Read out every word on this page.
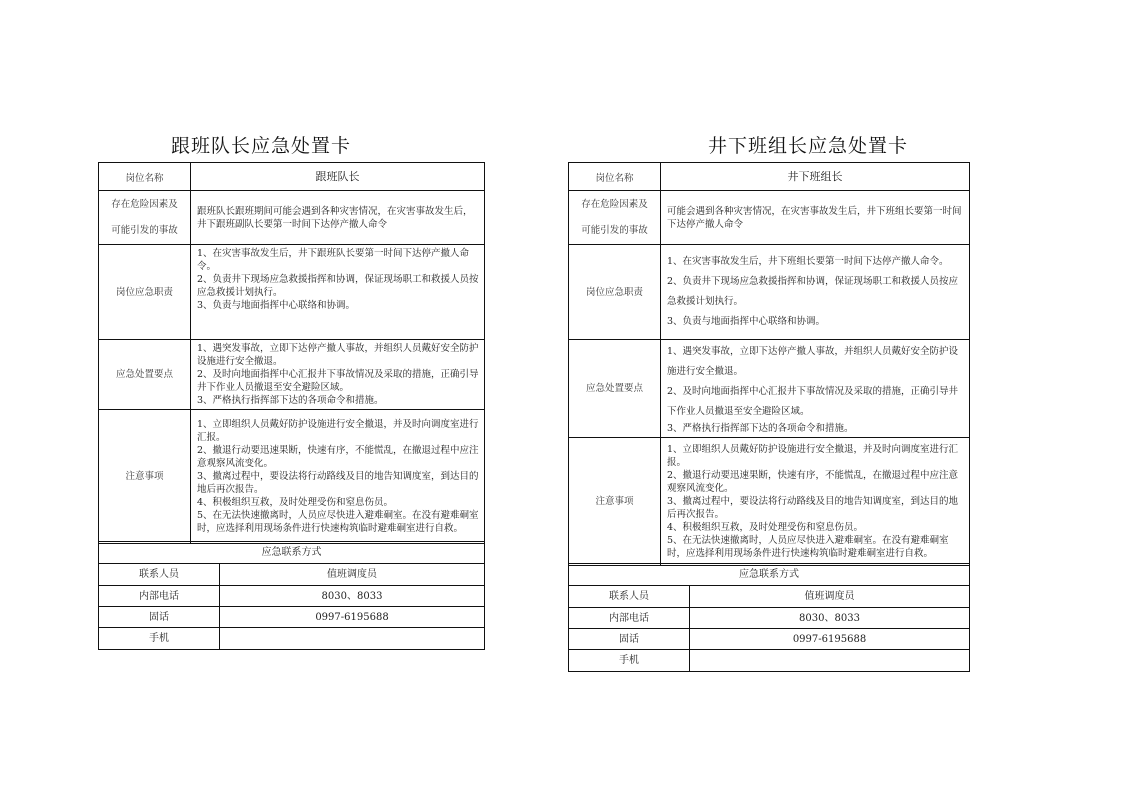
跟班队长应急处置卡
岗位名称	跟班队长

存在危险因素及
可能引发的事故	跟班队长跟班期间可能会遇到各种灾害情况，在灾害事故发生后，井下跟班副队长要第一时间下达停产撤人命令
岗位应急职责	1、在灾害事故发生后，井下跟班队长要第一时间下达停产撤人命令。

2、负责井下现场应急救援指挥和协调，保证现场职工和救援人员按应急救援计划执行。

3、负责与地面指挥中心联络和协调。

应急处置要点	1、遇突发事故，立即下达停产撤人事故，并组织人员戴好安全防护设施进行安全撤退。

2、及时向地面指挥中心汇报井下事故情况及采取的措施，正确引导井下作业人员撤退至安全避险区域。

3、严格执行指挥部下达的各项命令和措施。

注意事项	1、立即组织人员戴好防护设施进行安全撤退，并及时向调度室进行汇报。

2、撤退行动要迅速果断，快速有序，不能慌乱，在撤退过程中应注意观察风流变化。

3、撤离过程中，要设法将行动路线及目的地告知调度室，到达目的地后再次报告。

4、积极组织互救，及时处理受伤和窒息伤员。

5、在无法快速撤离时，人员应尽快进入避难硐室。在没有避难硐室时，应选择利用现场条件进行快速构筑临时避难硐室进行自救。

应急联系方式	
联系人员	值班调度员
内部电话	8030、8033
固话	0997-6195688
手机	
井下班组长应急处置卡
岗位名称	井下班组长

存在危险因素及
可能引发的事故	可能会遇到各种灾害情况，在灾害事故发生后，井下班组长要第一时间下达停产撤人命令
岗位应急职责	1、在灾害事故发生后，井下班组长要第一时间下达停产撤人命令。

2、负责井下现场应急救援指挥和协调，保证现场职工和救援人员按应急救援计划执行。

3、负责与地面指挥中心联络和协调。

应急处置要点	1、遇突发事故，立即下达停产撤人事故，并组织人员戴好安全防护设施进行安全撤退。

2、及时向地面指挥中心汇报井下事故情况及采取的措施，正确引导井下作业人员撤退至安全避险区域。

3、严格执行指挥部下达的各项命令和措施。

注意事项	1、立即组织人员戴好防护设施进行安全撤退，并及时向调度室进行汇报。

2、撤退行动要迅速果断，快速有序，不能慌乱，在撤退过程中应注意观察风流变化。

3、撤离过程中，要设法将行动路线及目的地告知调度室，到达目的地后再次报告。

4、积极组织互救，及时处理受伤和窒息伤员。

5、在无法快速撤离时，人员应尽快进入避难硐室。在没有避难硐室时，应选择利用现场条件进行快速构筑临时避难硐室进行自救。

应急联系方式	
联系人员	值班调度员
内部电话	8030、8033
固话	0997-6195688
手机	
